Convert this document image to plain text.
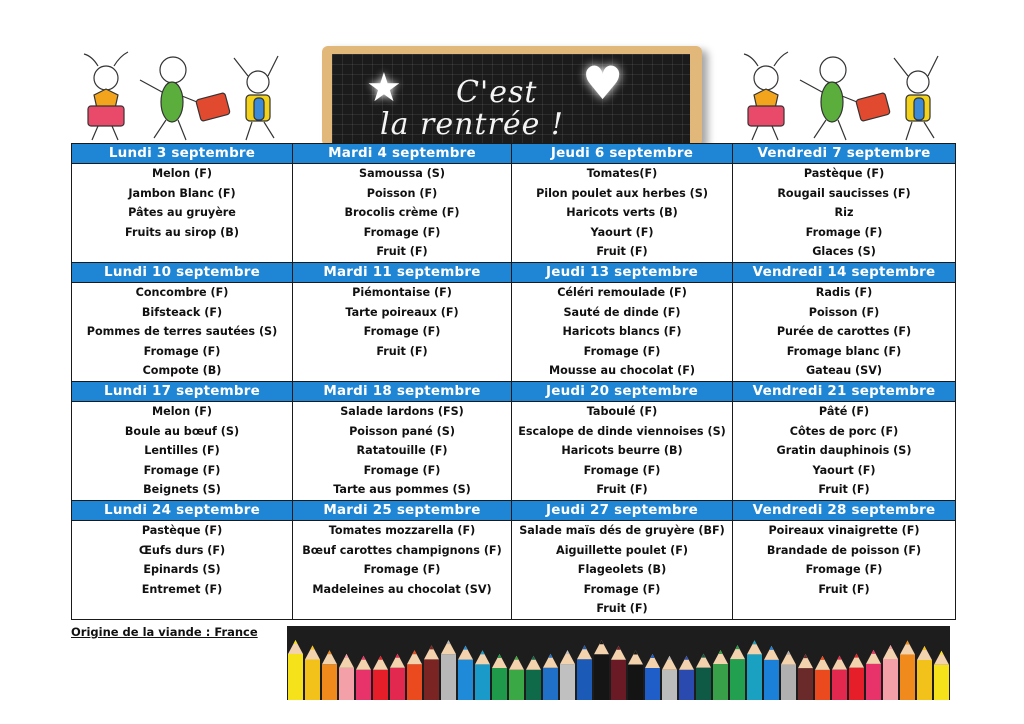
★	♥
C'est
la rentrée !
Lundi 3 septembre	Mardi 4 septembre	Jeudi 6 septembre	Vendredi 7 septembre

Melon (F)
Jambon Blanc (F)
Pâtes au gruyère
Fruits au sirop (B)

Samoussa (S)
Poisson (F)
Brocolis crème (F)
Fromage (F)
Fruit (F)

Tomates(F)
Pilon poulet aux herbes (S)
Haricots verts (B)
Yaourt (F)
Fruit (F)

Pastèque (F)
Rougail saucisses (F)
Riz
Fromage (F)
Glaces (S)

Lundi 10 septembre	Mardi 11 septembre	Jeudi 13 septembre	Vendredi 14 septembre

Concombre (F)
Bifsteack (F)
Pommes de terres sautées (S)
Fromage (F)
Compote (B)

Piémontaise (F)
Tarte poireaux (F)
Fromage (F)
Fruit (F)

Céléri remoulade (F)
Sauté de dinde (F)
Haricots blancs (F)
Fromage (F)
Mousse au chocolat (F)

Radis (F)
Poisson (F)
Purée de carottes (F)
Fromage blanc (F)
Gateau (SV)

Lundi 17 septembre	Mardi 18 septembre	Jeudi 20 septembre	Vendredi 21 septembre

Melon (F)
Boule au bœuf (S)
Lentilles (F)
Fromage (F)
Beignets (S)

Salade lardons (FS)
Poisson pané (S)
Ratatouille (F)
Fromage (F)
Tarte aus pommes (S)

Taboulé (F)
Escalope de dinde viennoises (S)
Haricots beurre (B)
Fromage (F)
Fruit (F)

Pâté (F)
Côtes de porc (F)
Gratin dauphinois (S)
Yaourt (F)
Fruit (F)

Lundi 24 septembre	Mardi 25 septembre	Jeudi 27 septembre	Vendredi 28 septembre

Pastèque (F)
Œufs durs (F)
Epinards (S)
Entremet (F)

Tomates mozzarella (F)
Bœuf carottes champignons (F)
Fromage (F)
Madeleines au chocolat (SV)

Salade maïs dés de gruyère (BF)
Aiguillette poulet (F)
Flageolets (B)
Fromage (F)
Fruit (F)

Poireaux vinaigrette (F)
Brandade de poisson (F)
Fromage (F)
Fruit (F)
Origine de la viande : France
